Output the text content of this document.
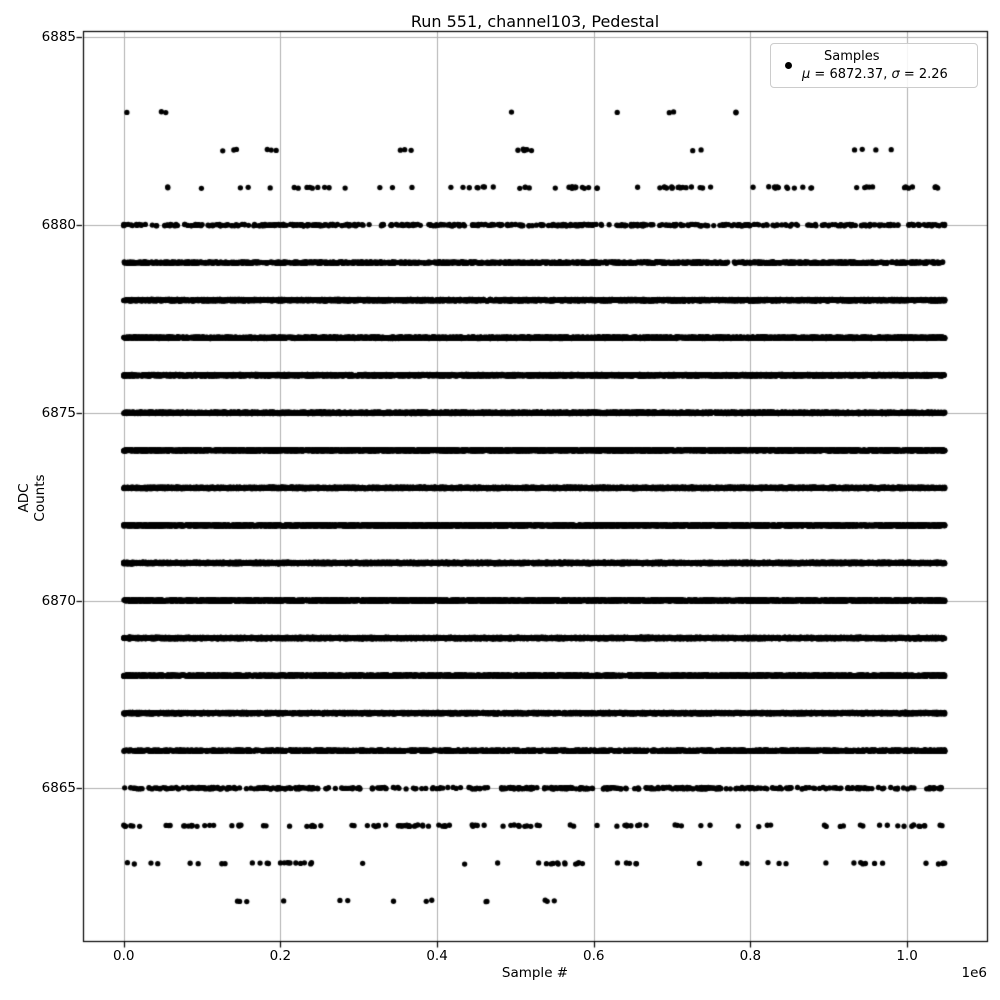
Run 551, channel103, Pedestal
ADC Counts
Sample #	1e6
6865
6870
6875
6880
6885
0.0	0.2	0.4	0.6	0.8	1.0
Samples
μ = 6872.37, σ = 2.26
